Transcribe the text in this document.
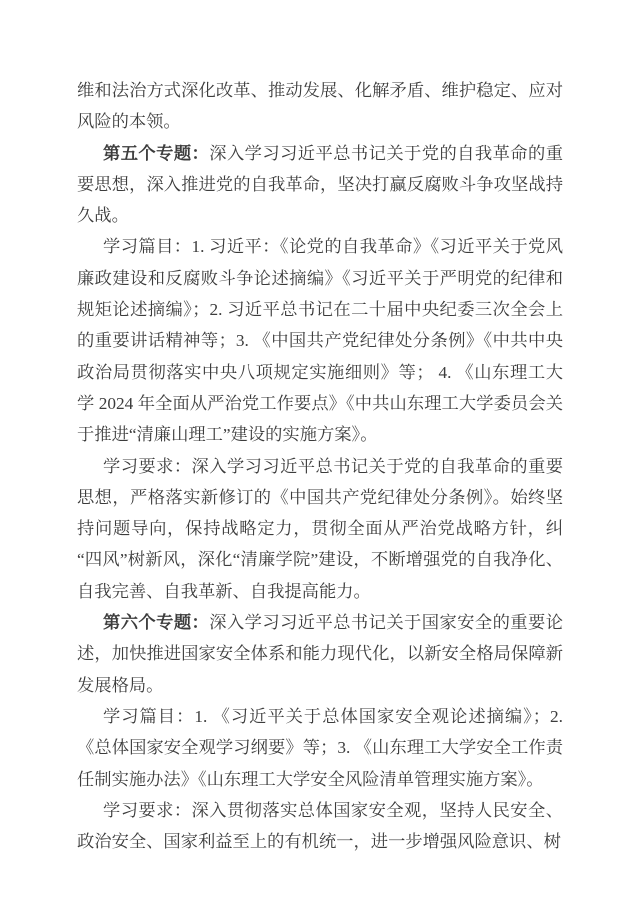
维和法治方式深化改革、推动发展、化解矛盾、维护稳定、应对风险的本领。

第五个专题：深入学习习近平总书记关于党的自我革命的重要思想，深入推进党的自我革命，坚决打赢反腐败斗争攻坚战持久战。

学习篇目：1. 习近平：《论党的自我革命》《习近平关于党风廉政建设和反腐败斗争论述摘编》《习近平关于严明党的纪律和规矩论述摘编》；2. 习近平总书记在二十届中央纪委三次全会上的重要讲话精神等；3. 《中国共产党纪律处分条例》《中共中央政治局贯彻落实中央八项规定实施细则》等； 4. 《山东理工大学 2024 年全面从严治党工作要点》《中共山东理工大学委员会关于推进“清廉山理工”建设的实施方案》。

学习要求：深入学习习近平总书记关于党的自我革命的重要思想，严格落实新修订的《中国共产党纪律处分条例》。始终坚持问题导向，保持战略定力，贯彻全面从严治党战略方针，纠“四风”树新风，深化“清廉学院”建设，不断增强党的自我净化、自我完善、自我革新、自我提高能力。

第六个专题：深入学习习近平总书记关于国家安全的重要论述，加快推进国家安全体系和能力现代化，以新安全格局保障新发展格局。

学习篇目：1. 《习近平关于总体国家安全观论述摘编》；2. 《总体国家安全观学习纲要》等；3. 《山东理工大学安全工作责任制实施办法》《山东理工大学安全风险清单管理实施方案》。

学习要求：深入贯彻落实总体国家安全观，坚持人民安全、政治安全、国家利益至上的有机统一，进一步增强风险意识、树
